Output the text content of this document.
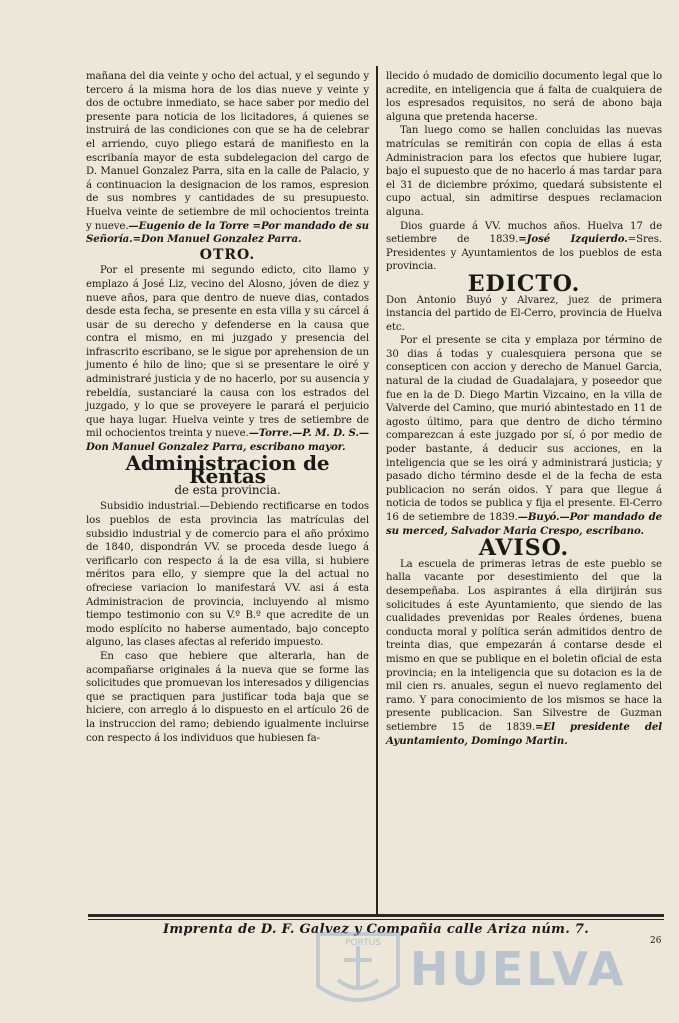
mañana del dia veinte y ocho del actual, y el segundo y tercero á la misma hora de los dias nueve y veinte y dos de octubre inmediato, se hace saber por medio del presente para noticia de los licitadores, á quienes se instruirá de las condiciones con que se ha de celebrar el arriendo, cuyo pliego estará de manifiesto en la escribanía mayor de esta subdelegacion del cargo de D. Manuel Gonzalez Parra, sita en la calle de Palacio, y á continuacion la designacion de los ramos, espresion de sus nombres y cantidades de su presupuesto. Huelva veinte de setiembre de mil ochocientos treinta y nueve.—Eugenio de la Torre =Por mandado de su Señoría.=Don Manuel Gonzalez Parra.

OTRO.

Por el presente mi segundo edicto, cito llamo y emplazo á José Liz, vecino del Alosno, jóven de diez y nueve años, para que dentro de nueve dias, contados desde esta fecha, se presente en esta villa y su cárcel á usar de su derecho y defenderse en la causa que contra el mismo, en mi juzgado y presencia del infrascrito escribano, se le sigue por aprehension de un jumento é hilo de lino; que si se presentare le oiré y administraré justicia y de no hacerlo, por su ausencia y rebeldía, sustanciaré la causa con los estrados del juzgado, y lo que se proveyere le parará el perjuicio que haya lugar. Huelva veinte y tres de setiembre de mil ochocientos treinta y nueve.—Torre.—P. M. D. S.—Don Manuel Gonzalez Parra, escribano mayor.

Administracion de Rentas
de esta provincia.

Subsidio industrial.—Debiendo rectificarse en todos los pueblos de esta provincia las matrículas del subsidio industrial y de comercio para el año próximo de 1840, dispondrán VV. se proceda desde luego á verificarlo con respecto á la de esa villa, si hubiere méritos para ello, y siempre que la del actual no ofreciese variacion lo manifestará VV. asi á esta Administracion de provincia, incluyendo al mismo tiempo testimonio con su V.º B.º que acredite de un modo esplícito no haberse aumentado, bajo concepto alguno, las clases afectas al referido impuesto.

En caso que hebiere que alterarla, han de acompañarse originales á la nueva que se forme las solicitudes que promuevan los interesados y diligencias que se practiquen para justificar toda baja que se hiciere, con arreglo á lo dispuesto en el artículo 26 de la instruccion del ramo; debiendo igualmente incluirse con respecto á los individuos que hubiesen fa-

llecido ó mudado de domicilio documento legal que lo acredite, en inteligencia que á falta de cualquiera de los espresados requisitos, no será de abono baja alguna que pretenda hacerse.

Tan luego como se hallen concluidas las nuevas matrículas se remitirán con copia de ellas á esta Administracion para los efectos que hubiere lugar, bajo el supuesto que de no hacerlo á mas tardar para el 31 de diciembre próximo, quedará subsistente el cupo actual, sin admitirse despues reclamacion alguna.

Dios guarde á VV. muchos años. Huelva 17 de setiembre de 1839.=José Izquierdo.=Sres. Presidentes y Ayuntamientos de los pueblos de esta provincia.

EDICTO.

Don Antonio Buyó y Alvarez, juez de primera instancia del partido de El-Cerro, provincia de Huelva etc.

Por el presente se cita y emplaza por término de 30 dias á todas y cualesquiera persona que se consepticen con accion y derecho de Manuel Garcia, natural de la ciudad de Guadalajara, y poseedor que fue en la de D. Diego Martin Vizcaino, en la villa de Valverde del Camino, que murió abintestado en 11 de agosto último, para que dentro de dicho término comparezcan á este juzgado por sí, ó por medio de poder bastante, á deducir sus acciones, en la inteligencia que se les oirá y administrará justicia; y pasado dicho término desde el de la fecha de esta publicacion no serán oidos. Y para que llegue á noticia de todos se publica y fija el presente. El-Cerro 16 de setiembre de 1839.—Buyó.—Por mandado de su merced, Salvador Maria Crespo, escribano.

AVISO.

La escuela de primeras letras de este pueblo se halla vacante por desestimiento del que la desempeñaba. Los aspirantes á ella dirijirán sus solicitudes á este Ayuntamiento, que siendo de las cualidades prevenidas por Reales órdenes, buena conducta moral y política serán admitidos dentro de treinta dias, que empezarán á contarse desde el mismo en que se publique en el boletin oficial de esta provincia; en la inteligencia que su dotacion es la de mil cien rs. anuales, segun el nuevo reglamento del ramo. Y para conocimiento de los mismos se hace la presente publicacion. San Silvestre de Guzman setiembre 15 de 1839.=El presidente del Ayuntamiento, Domingo Martin.

Imprenta de D. F. Galvez y Compañia calle Ariza núm. 7.
26
PORTUS HUELVA
